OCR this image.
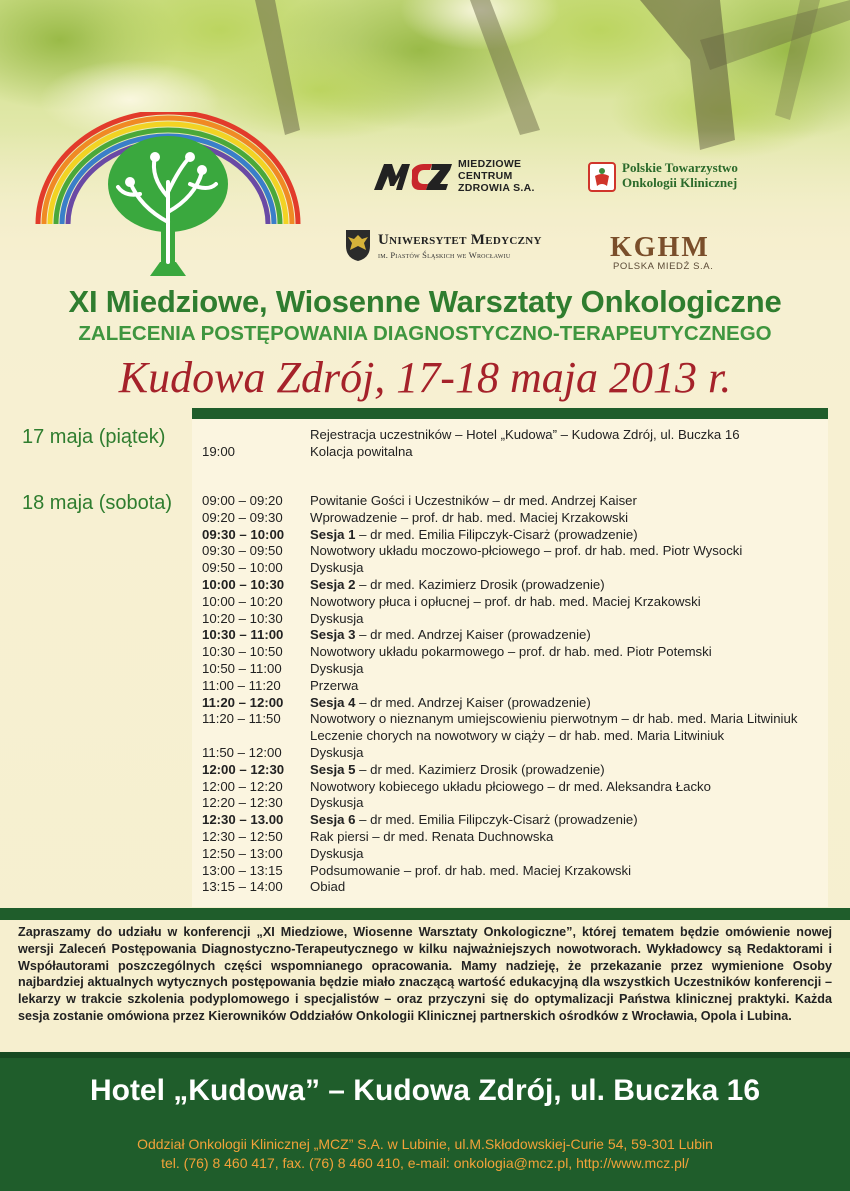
MIEDZIOWE
CENTRUM
ZDROWIA S.A.
Polskie Towarzystwo
Onkologii Klinicznej
Uniwersytet Medyczny
im. Piastów Śląskich we Wrocławiu	KGHM
POLSKA MIEDŹ S.A.
XI Miedziowe, Wiosenne Warsztaty Onkologiczne
ZALECENIA POSTĘPOWANIA DIAGNOSTYCZNO-TERAPEUTYCZNEGO
Kudowa Zdrój, 17-18 maja 2013 r.
17 maja (piątek)	Rejestracja uczestników – Hotel „Kudowa” – Kudowa Zdrój, ul. Buczka 16
19:00	Kolacja powitalna
18 maja (sobota) 09:00 – 09:20 Powitanie Gości i Uczestników – dr med. Andrzej Kaiser
09:20 – 09:30 Wprowadzenie – prof. dr hab. med. Maciej Krzakowski
09:30 – 10:00 Sesja 1 – dr med. Emilia Filipczyk-Cisarż (prowadzenie)
09:30 – 09:50 Nowotwory układu moczowo-płciowego – prof. dr hab. med. Piotr Wysocki
09:50 – 10:00 Dyskusja
10:00 – 10:30 Sesja 2 – dr med. Kazimierz Drosik (prowadzenie)
10:00 – 10:20 Nowotwory płuca i opłucnej – prof. dr hab. med. Maciej Krzakowski
10:20 – 10:30 Dyskusja
10:30 – 11:00 Sesja 3 – dr med. Andrzej Kaiser (prowadzenie)
10:30 – 10:50 Nowotwory układu pokarmowego – prof. dr hab. med. Piotr Potemski
10:50 – 11:00 Dyskusja
11:00 – 11:20 Przerwa
11:20 – 12:00 Sesja 4 – dr med. Andrzej Kaiser (prowadzenie)
11:20 – 11:50 Nowotwory o nieznanym umiejscowieniu pierwotnym – dr hab. med. Maria Litwiniuk
Leczenie chorych na nowotwory w ciąży – dr hab. med. Maria Litwiniuk
11:50 – 12:00 Dyskusja
12:00 – 12:30 Sesja 5 – dr med. Kazimierz Drosik (prowadzenie)
12:00 – 12:20 Nowotwory kobiecego układu płciowego – dr med. Aleksandra Łacko
12:20 – 12:30 Dyskusja
12:30 – 13.00 Sesja 6 – dr med. Emilia Filipczyk-Cisarż (prowadzenie)
12:30 – 12:50 Rak piersi – dr med. Renata Duchnowska
12:50 – 13:00 Dyskusja
13:00 – 13:15 Podsumowanie – prof. dr hab. med. Maciej Krzakowski
13:15 – 14:00 Obiad
Zapraszamy do udziału w konferencji „XI Miedziowe, Wiosenne Warsztaty Onkologiczne”, której tematem będzie omówienie nowej wersji Zaleceń Postępowania Diagnostyczno-Terapeutycznego w kilku najważniejszych nowotworach. Wykładowcy są Redaktorami i Współautorami poszczególnych części wspomnianego opracowania. Mamy nadzieję, że przekazanie przez wymienione Osoby najbardziej aktualnych wytycznych postępowania będzie miało znaczącą wartość edukacyjną dla wszystkich Uczestników konferencji – lekarzy w trakcie szkolenia podyplomowego i specjalistów – oraz przyczyni się do optymalizacji Państwa klinicznej praktyki. Każda sesja zostanie omówiona przez Kierowników Oddziałów Onkologii Klinicznej partnerskich ośrodków z Wrocławia, Opola i Lubina.
Hotel „Kudowa” – Kudowa Zdrój, ul. Buczka 16
Oddział Onkologii Klinicznej „MCZ” S.A. w Lubinie, ul.M.Skłodowskiej-Curie 54, 59-301 Lubin
tel. (76) 8 460 417, fax. (76) 8 460 410, e-mail: onkologia@mcz.pl, http://www.mcz.pl/
